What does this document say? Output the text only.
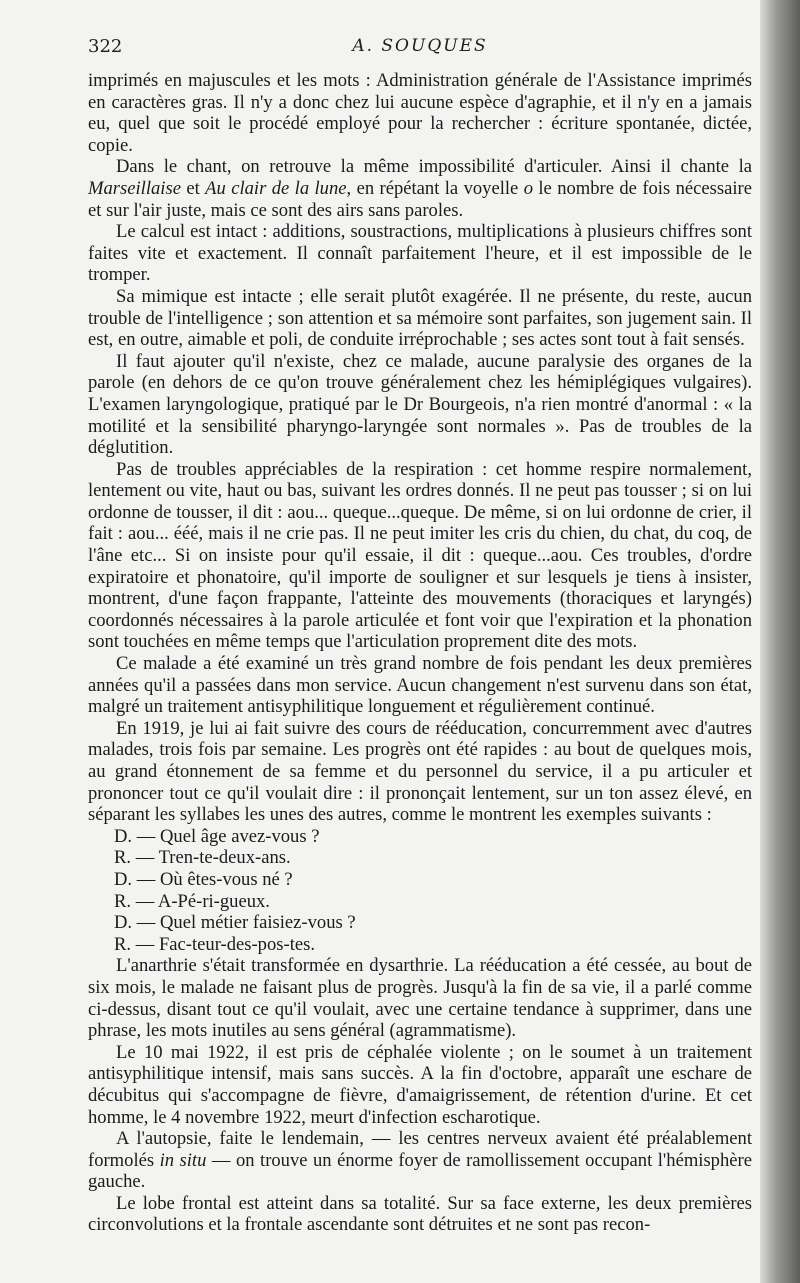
322	A. SOUQUES

imprimés en majuscules et les mots : Administration générale de l'Assistance imprimés en caractères gras. Il n'y a donc chez lui aucune espèce d'agraphie, et il n'y en a jamais eu, quel que soit le procédé employé pour la rechercher : écriture spontanée, dictée, copie.

Dans le chant, on retrouve la même impossibilité d'articuler. Ainsi il chante la Marseillaise et Au clair de la lune, en répétant la voyelle o le nombre de fois nécessaire et sur l'air juste, mais ce sont des airs sans paroles.

Le calcul est intact : additions, soustractions, multiplications à plusieurs chiffres sont faites vite et exactement. Il connaît parfaitement l'heure, et il est impossible de le tromper.

Sa mimique est intacte ; elle serait plutôt exagérée. Il ne présente, du reste, aucun trouble de l'intelligence ; son attention et sa mémoire sont parfaites, son jugement sain. Il est, en outre, aimable et poli, de conduite irréprochable ; ses actes sont tout à fait sensés.

Il faut ajouter qu'il n'existe, chez ce malade, aucune paralysie des organes de la parole (en dehors de ce qu'on trouve généralement chez les hémiplégiques vulgaires). L'examen laryngologique, pratiqué par le Dr Bourgeois, n'a rien montré d'anormal : « la motilité et la sensibilité pharyngo-laryngée sont normales ». Pas de troubles de la déglutition.

Pas de troubles appréciables de la respiration : cet homme respire normalement, lentement ou vite, haut ou bas, suivant les ordres donnés. Il ne peut pas tousser ; si on lui ordonne de tousser, il dit : aou... queque...queque. De même, si on lui ordonne de crier, il fait : aou... ééé, mais il ne crie pas. Il ne peut imiter les cris du chien, du chat, du coq, de l'âne etc... Si on insiste pour qu'il essaie, il dit : queque...aou. Ces troubles, d'ordre expiratoire et phonatoire, qu'il importe de souligner et sur lesquels je tiens à insister, montrent, d'une façon frappante, l'atteinte des mouvements (thoraciques et laryngés) coordonnés nécessaires à la parole articulée et font voir que l'expiration et la phonation sont touchées en même temps que l'articulation proprement dite des mots.

Ce malade a été examiné un très grand nombre de fois pendant les deux premières années qu'il a passées dans mon service. Aucun changement n'est survenu dans son état, malgré un traitement antisyphilitique longuement et régulièrement continué.

En 1919, je lui ai fait suivre des cours de rééducation, concurremment avec d'autres malades, trois fois par semaine. Les progrès ont été rapides : au bout de quelques mois, au grand étonnement de sa femme et du personnel du service, il a pu articuler et prononcer tout ce qu'il voulait dire : il prononçait lentement, sur un ton assez élevé, en séparant les syllabes les unes des autres, comme le montrent les exemples suivants :

D. — Quel âge avez-vous ?
R. — Tren-te-deux-ans.
D. — Où êtes-vous né ?
R. — A-Pé-ri-gueux.
D. — Quel métier faisiez-vous ?
R. — Fac-teur-des-pos-tes.

L'anarthrie s'était transformée en dysarthrie. La rééducation a été cessée, au bout de six mois, le malade ne faisant plus de progrès. Jusqu'à la fin de sa vie, il a parlé comme ci-dessus, disant tout ce qu'il voulait, avec une certaine tendance à supprimer, dans une phrase, les mots inutiles au sens général (agrammatisme).

Le 10 mai 1922, il est pris de céphalée violente ; on le soumet à un traitement antisyphilitique intensif, mais sans succès. A la fin d'octobre, apparaît une eschare de décubitus qui s'accompagne de fièvre, d'amaigrissement, de rétention d'urine. Et cet homme, le 4 novembre 1922, meurt d'infection escharotique.

A l'autopsie, faite le lendemain, — les centres nerveux avaient été préalablement formolés in situ — on trouve un énorme foyer de ramollissement occupant l'hémisphère gauche.

Le lobe frontal est atteint dans sa totalité. Sur sa face externe, les deux premières circonvolutions et la frontale ascendante sont détruites et ne sont pas recon-
